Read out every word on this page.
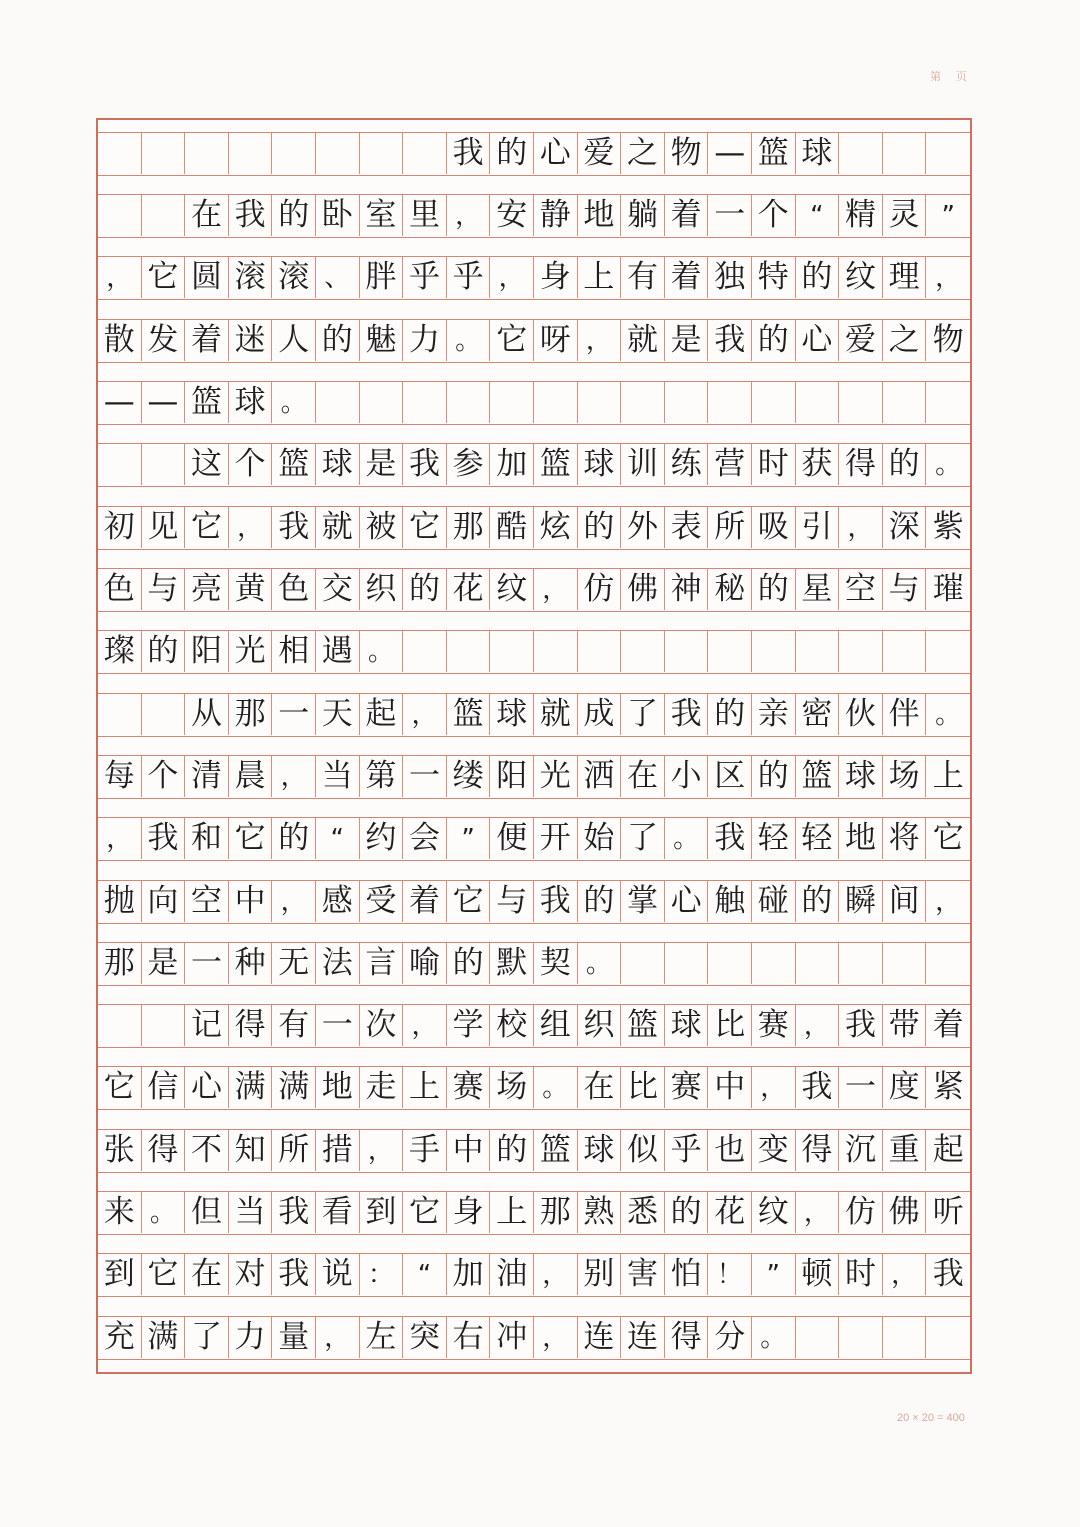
第 页
我 的 心 爱 之 物 — 篮 球
在 我 的 卧 室 里 ， 安 静 地 躺 着 一 个 “ 精 灵 ”
， 它 圆 滚 滚 、 胖 乎 乎 ， 身 上 有 着 独 特 的 纹 理 ，
散 发 着 迷 人 的 魅 力 。 它 呀 ， 就 是 我 的 心 爱 之 物
— — 篮 球 。
这 个 篮 球 是 我 参 加 篮 球 训 练 营 时 获 得 的 。
初 见 它 ， 我 就 被 它 那 酷 炫 的 外 表 所 吸 引 ， 深 紫
色 与 亮 黄 色 交 织 的 花 纹 ， 仿 佛 神 秘 的 星 空 与 璀
璨 的 阳 光 相 遇 。
从 那 一 天 起 ， 篮 球 就 成 了 我 的 亲 密 伙 伴 。
每 个 清 晨 ， 当 第 一 缕 阳 光 洒 在 小 区 的 篮 球 场 上
， 我 和 它 的 “ 约 会 ” 便 开 始 了 。 我 轻 轻 地 将 它
抛 向 空 中 ， 感 受 着 它 与 我 的 掌 心 触 碰 的 瞬 间 ，
那 是 一 种 无 法 言 喻 的 默 契 。
记 得 有 一 次 ， 学 校 组 织 篮 球 比 赛 ， 我 带 着
它 信 心 满 满 地 走 上 赛 场 。 在 比 赛 中 ， 我 一 度 紧
张 得 不 知 所 措 ， 手 中 的 篮 球 似 乎 也 变 得 沉 重 起
来 。 但 当 我 看 到 它 身 上 那 熟 悉 的 花 纹 ， 仿 佛 听
到 它 在 对 我 说 ： “ 加 油 ， 别 害 怕 ！ ” 顿 时 ， 我
充 满 了 力 量 ， 左 突 右 冲 ， 连 连 得 分 。
20 × 20 = 400
